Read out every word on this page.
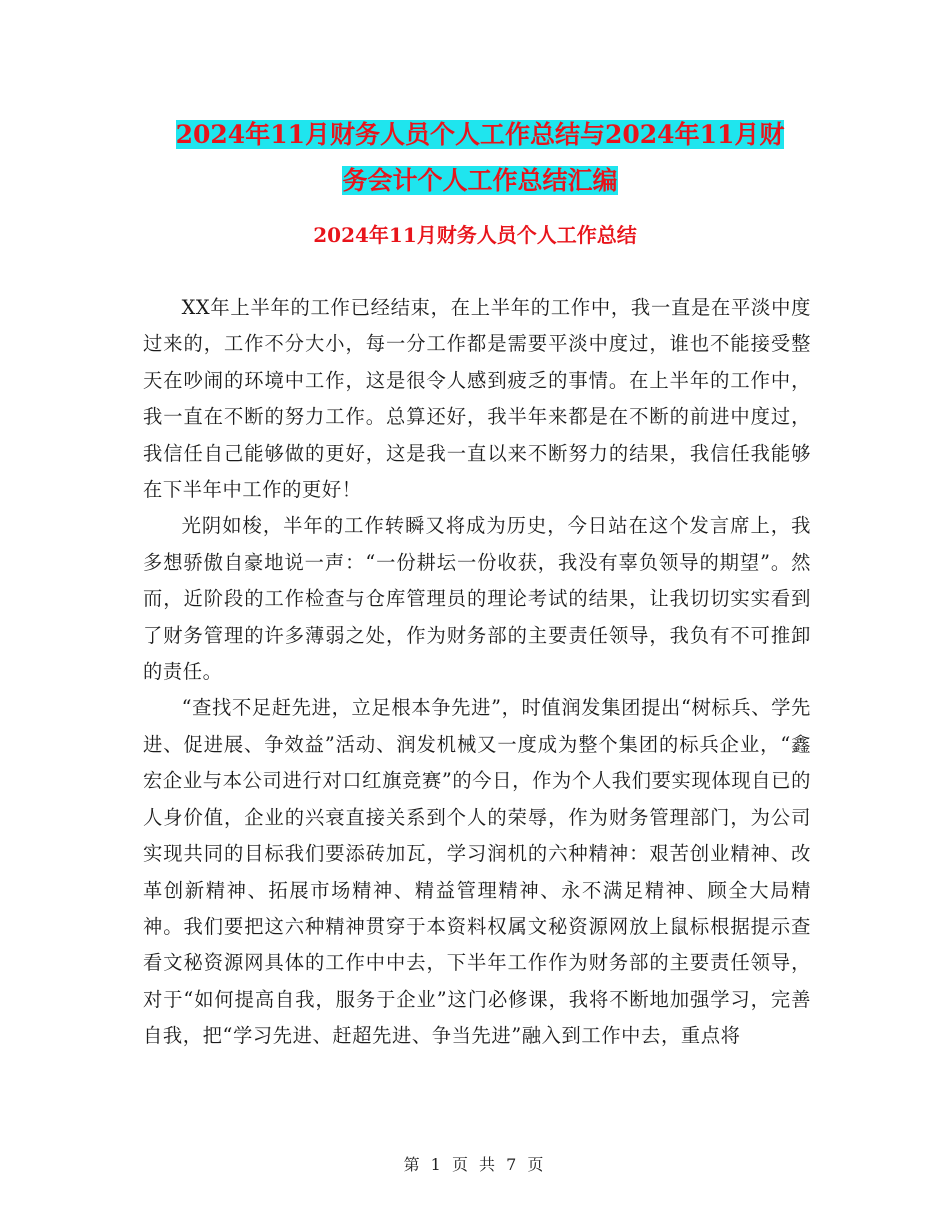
2024年11月财务人员个人工作总结与2024年11月财
务会计个人工作总结汇编
2024年11月财务人员个人工作总结

XX年上半年的工作已经结束，在上半年的工作中，我一直是在平淡中度过来的，工作不分大小，每一分工作都是需要平淡中度过，谁也不能接受整天在吵闹的环境中工作，这是很令人感到疲乏的事情。在上半年的工作中，我一直在不断的努力工作。总算还好，我半年来都是在不断的前进中度过，我信任自己能够做的更好，这是我一直以来不断努力的结果，我信任我能够在下半年中工作的更好！

光阴如梭，半年的工作转瞬又将成为历史，今日站在这个发言席上，我多想骄傲自豪地说一声：“一份耕坛一份收获，我没有辜负领导的期望”。然而，近阶段的工作检查与仓库管理员的理论考试的结果，让我切切实实看到了财务管理的许多薄弱之处，作为财务部的主要责任领导，我负有不可推卸的责任。

“查找不足赶先进，立足根本争先进”，时值润发集团提出“树标兵、学先进、促进展、争效益”活动、润发机械又一度成为整个集团的标兵企业，“鑫宏企业与本公司进行对口红旗竞赛”的今日，作为个人我们要实现体现自已的人身价值，企业的兴衰直接关系到个人的荣辱，作为财务管理部门，为公司实现共同的目标我们要添砖加瓦，学习润机的六种精神：艰苦创业精神、改革创新精神、拓展市场精神、精益管理精神、永不满足精神、顾全大局精神。我们要把这六种精神贯穿于本资料权属文秘资源网放上鼠标根据提示查看文秘资源网具体的工作中中去，下半年工作作为财务部的主要责任领导，对于“如何提高自我，服务于企业”这门必修课，我将不断地加强学习，完善自我，把“学习先进、赶超先进、争当先进”融入到工作中去，重点将

第 1 页 共 7 页
